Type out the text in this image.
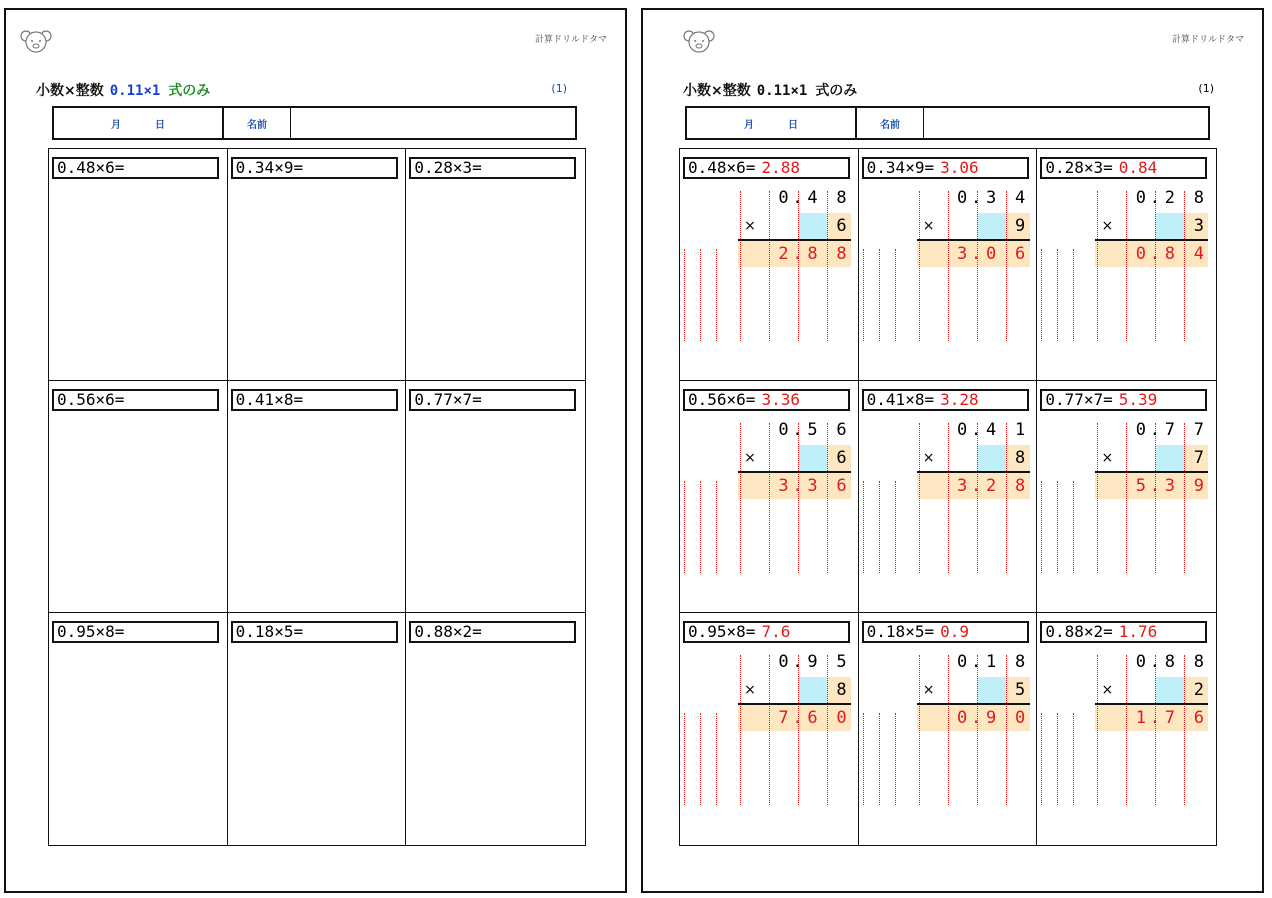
計算ドリルドタマ
小数×整数 0.11×1 式のみ	(1)
月	日	名前
0.48×6=	0.34×9=	0.28×3=
0.56×6=	0.41×8=	0.77×7=
0.95×8=	0.18×5=	0.88×2=
計算ドリルドタマ
小数×整数 0.11×1 式のみ	(1)
月	日	名前
0.48×6= 2.88
0	4	8
.
×	6
2	8	8
.
0.34×9= 3.06
0	3	4
.
×	9
3	0	6
.
0.28×3= 0.84
0	2	8
.
×	3
0	8	4
.
0.56×6= 3.36
0	5	6
.
×	6
3	3	6
.
0.41×8= 3.28
0	4	1
.
×	8
3	2	8
.
0.77×7= 5.39
0	7	7
.
×	7
5	3	9
.
0.95×8= 7.6
0	9	5
.
×	8
7	6	0
.
0.18×5= 0.9
0	1	8
.
×	5
0	9	0
.
0.88×2= 1.76
0	8	8
.
×	2
1	7	6
.
